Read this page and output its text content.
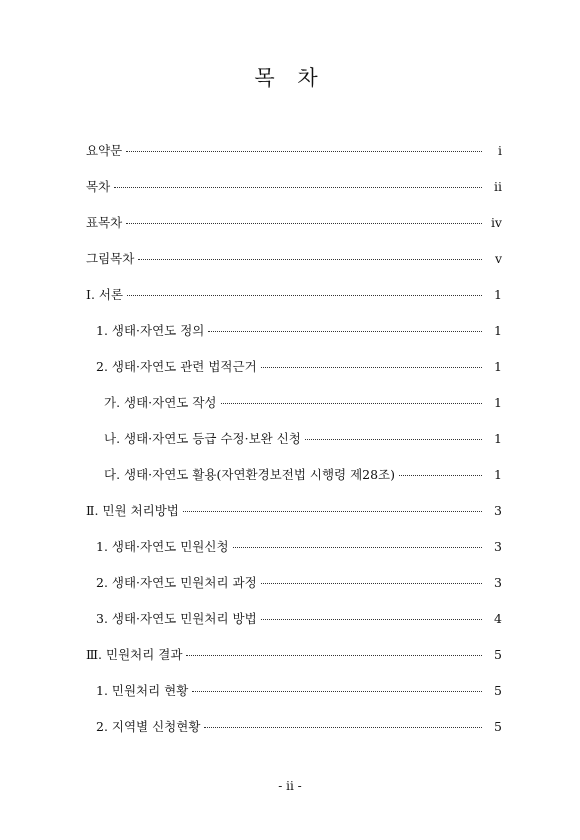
목 차
요약문	i
목차	ii
표목차	iv
그림목차	v
Ⅰ. 서론	1
1. 생태·자연도 정의	1
2. 생태·자연도 관련 법적근거	1
가. 생태·자연도 작성	1
나. 생태·자연도 등급 수정·보완 신청	1
다. 생태·자연도 활용(자연환경보전법 시행령 제28조)	1
Ⅱ. 민원 처리방법	3
1. 생태·자연도 민원신청	3
2. 생태·자연도 민원처리 과정	3
3. 생태·자연도 민원처리 방법	4
Ⅲ. 민원처리 결과	5
1. 민원처리 현황	5
2. 지역별 신청현황	5
- ii -
